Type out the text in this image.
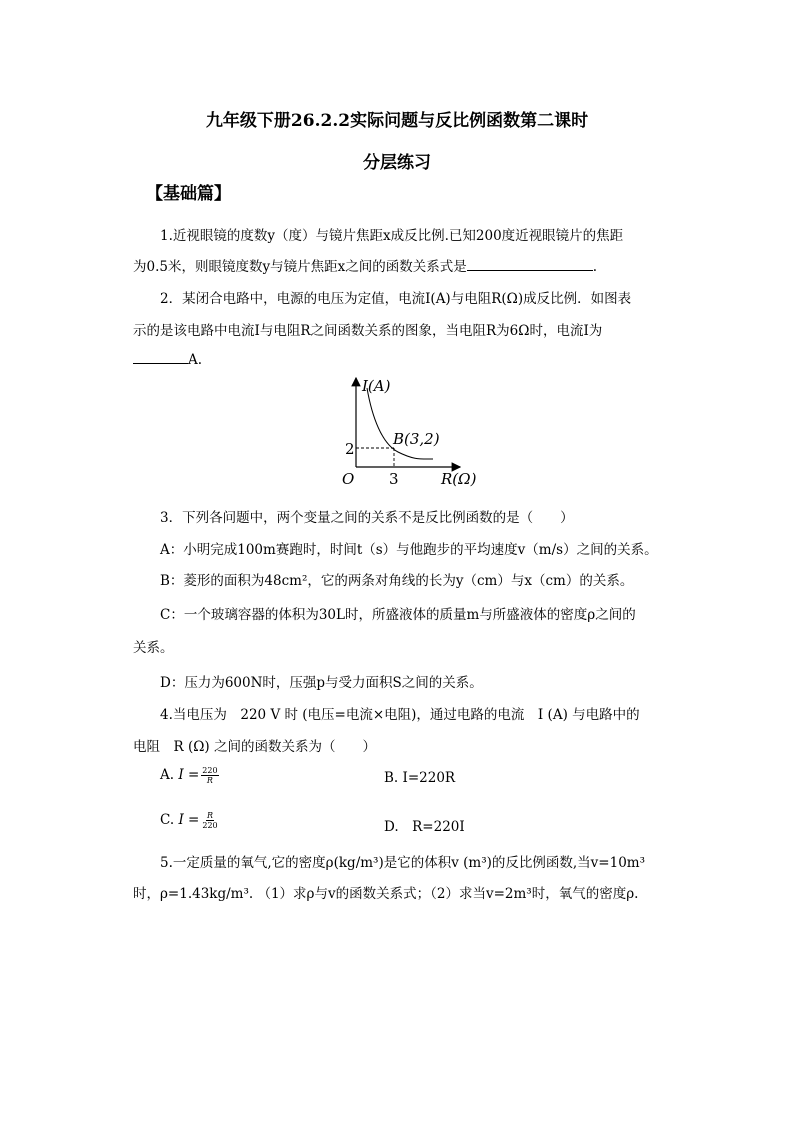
九年级下册26.2.2实际问题与反比例函数第二课时
分层练习
【基础篇】
1.近视眼镜的度数y（度）与镜片焦距x成反比例.已知200度近视眼镜片的焦距
为0.5米，则眼镜度数y与镜片焦距x之间的函数关系式是	.
2．某闭合电路中，电源的电压为定值，电流I(A)与电阻R(Ω)成反比例．如图表
示的是该电路中电流I与电阻R之间函数关系的图象，当电阻R为6Ω时，电流I为
A.
I(A)
R(Ω)
O
2
3
B(3,2)
3．下列各问题中，两个变量之间的关系不是反比例函数的是（　　）
A：小明完成100m赛跑时，时间t（s）与他跑步的平均速度v（m/s）之间的关系。
B：菱形的面积为48cm²，它的两条对角线的长为y（cm）与x（cm）的关系。
C：一个玻璃容器的体积为30L时，所盛液体的质量m与所盛液体的密度ρ之间的
关系。
D：压力为600N时，压强p与受力面积S之间的关系。
4.当电压为　220 V 时 (电压=电流×电阻)，通过电路的电流　I (A) 与电路中的
电阻　R (Ω) 之间的函数关系为（　　）
A. $I = \frac{220}{R}$	B. I=220R
C. $I = \frac{R}{220}$	D.　R=220I
5.一定质量的氧气,它的密度ρ(kg/m³)是它的体积v (m³)的反比例函数,当v=10m³
时，ρ=1.43kg/m³. （1）求ρ与v的函数关系式；（2）求当v=2m³时，氧气的密度ρ.
